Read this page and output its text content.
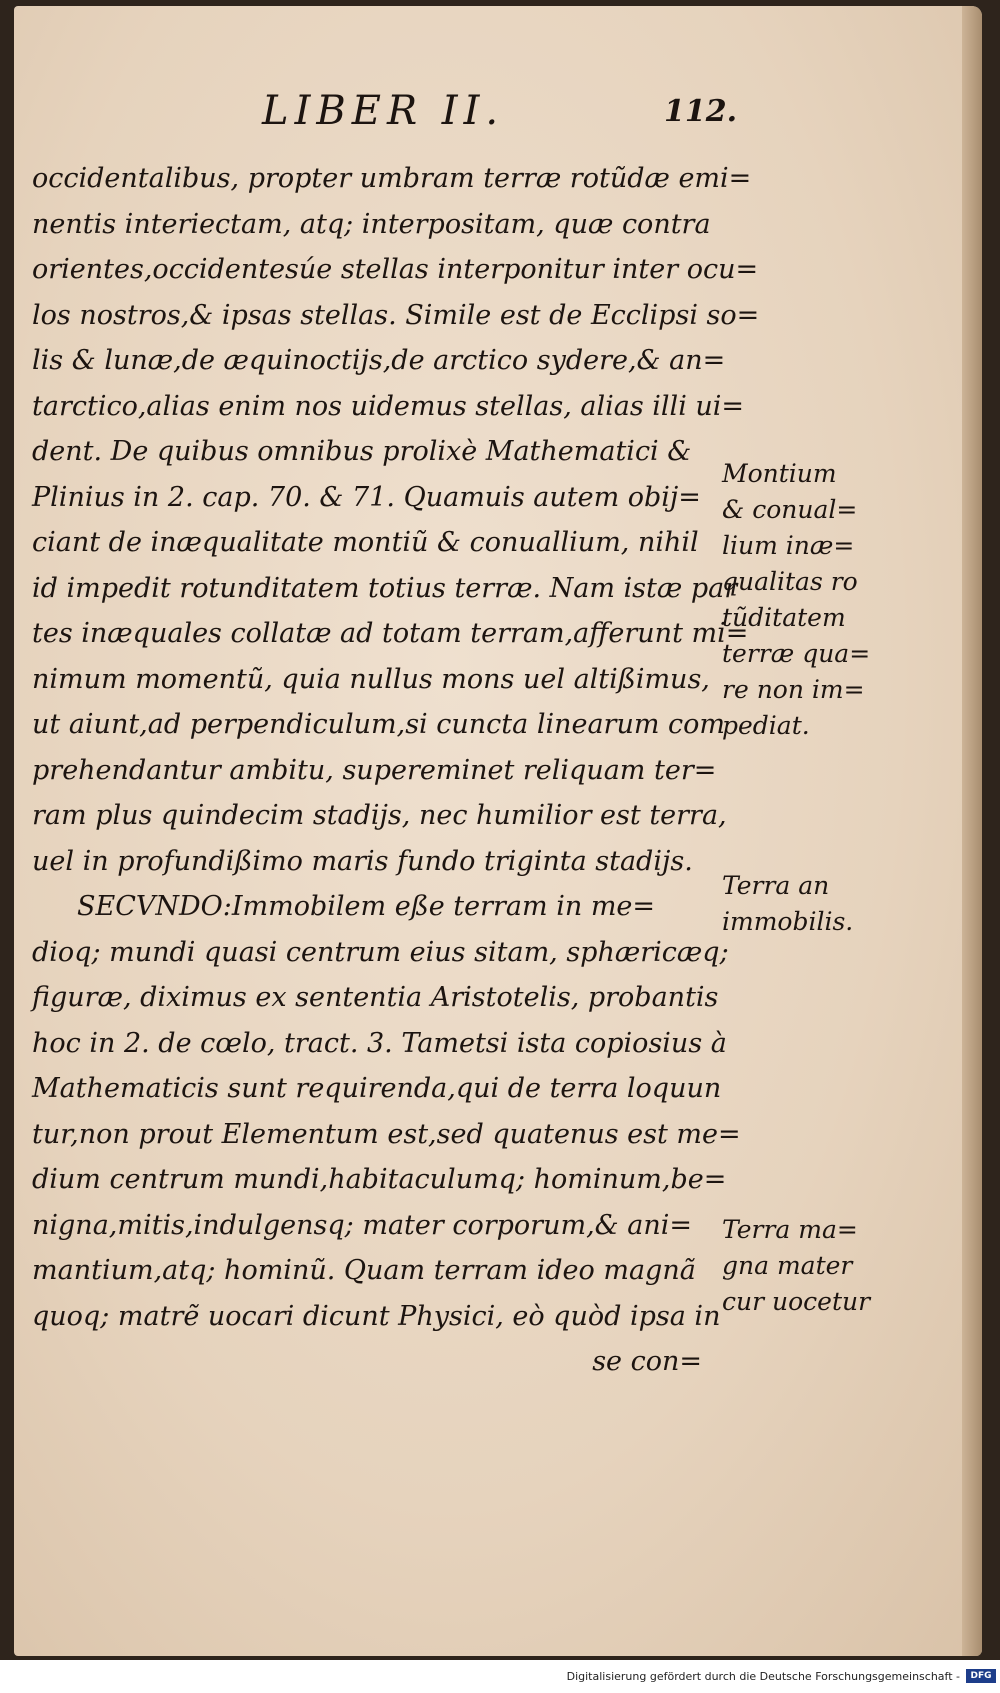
LIBER II.	112.
occidentalibus, propter umbram terræ rotũdæ emi=
nentis interiectam, atq; interpositam, quæ contra
orientes,occidentesúe stellas interponitur inter ocu=
los nostros,& ipsas stellas. Simile est de Ecclipsi so=
lis & lunæ,de æquinoctijs,de arctico sydere,& an=
tarctico,alias enim nos uidemus stellas, alias illi ui=
dent. De quibus omnibus prolixè Mathematici &
Plinius in 2. cap. 70. & 71. Quamuis autem obij=
ciant de inæqualitate montiũ & conuallium, nihil
id impedit rotunditatem totius terræ. Nam istæ par
tes inæquales collatæ ad totam terram,afferunt mi=
nimum momentũ, quia nullus mons uel altißimus,
ut aiunt,ad perpendiculum,si cuncta linearum com
prehendantur ambitu, supereminet reliquam ter=
ram plus quindecim stadijs, nec humilior est terra,
uel in profundißimo maris fundo triginta stadijs.
SECVNDO:Immobilem eße terram in me=
dioq; mundi quasi centrum eius sitam, sphæricæq;
figuræ, diximus ex sententia Aristotelis, probantis
hoc in 2. de cœlo, tract. 3. Tametsi ista copiosius à
Mathematicis sunt requirenda,qui de terra loquun
tur,non prout Elementum est,sed quatenus est me=
dium centrum mundi,habitaculumq; hominum,be=
nigna,mitis,indulgensq; mater corporum,& ani=
mantium,atq; hominũ. Quam terram ideo magnã
quoq; matrẽ uocari dicunt Physici, eò quòd ipsa in
se con=
Montium
& conual=
lium inæ=
qualitas ro
tũditatem
terræ qua=
re non im=
pediat.
Terra an
immobilis.
Terra ma=
gna mater
cur uocetur
Digitalisierung gefördert durch die Deutsche Forschungsgemeinschaft -	DFG
